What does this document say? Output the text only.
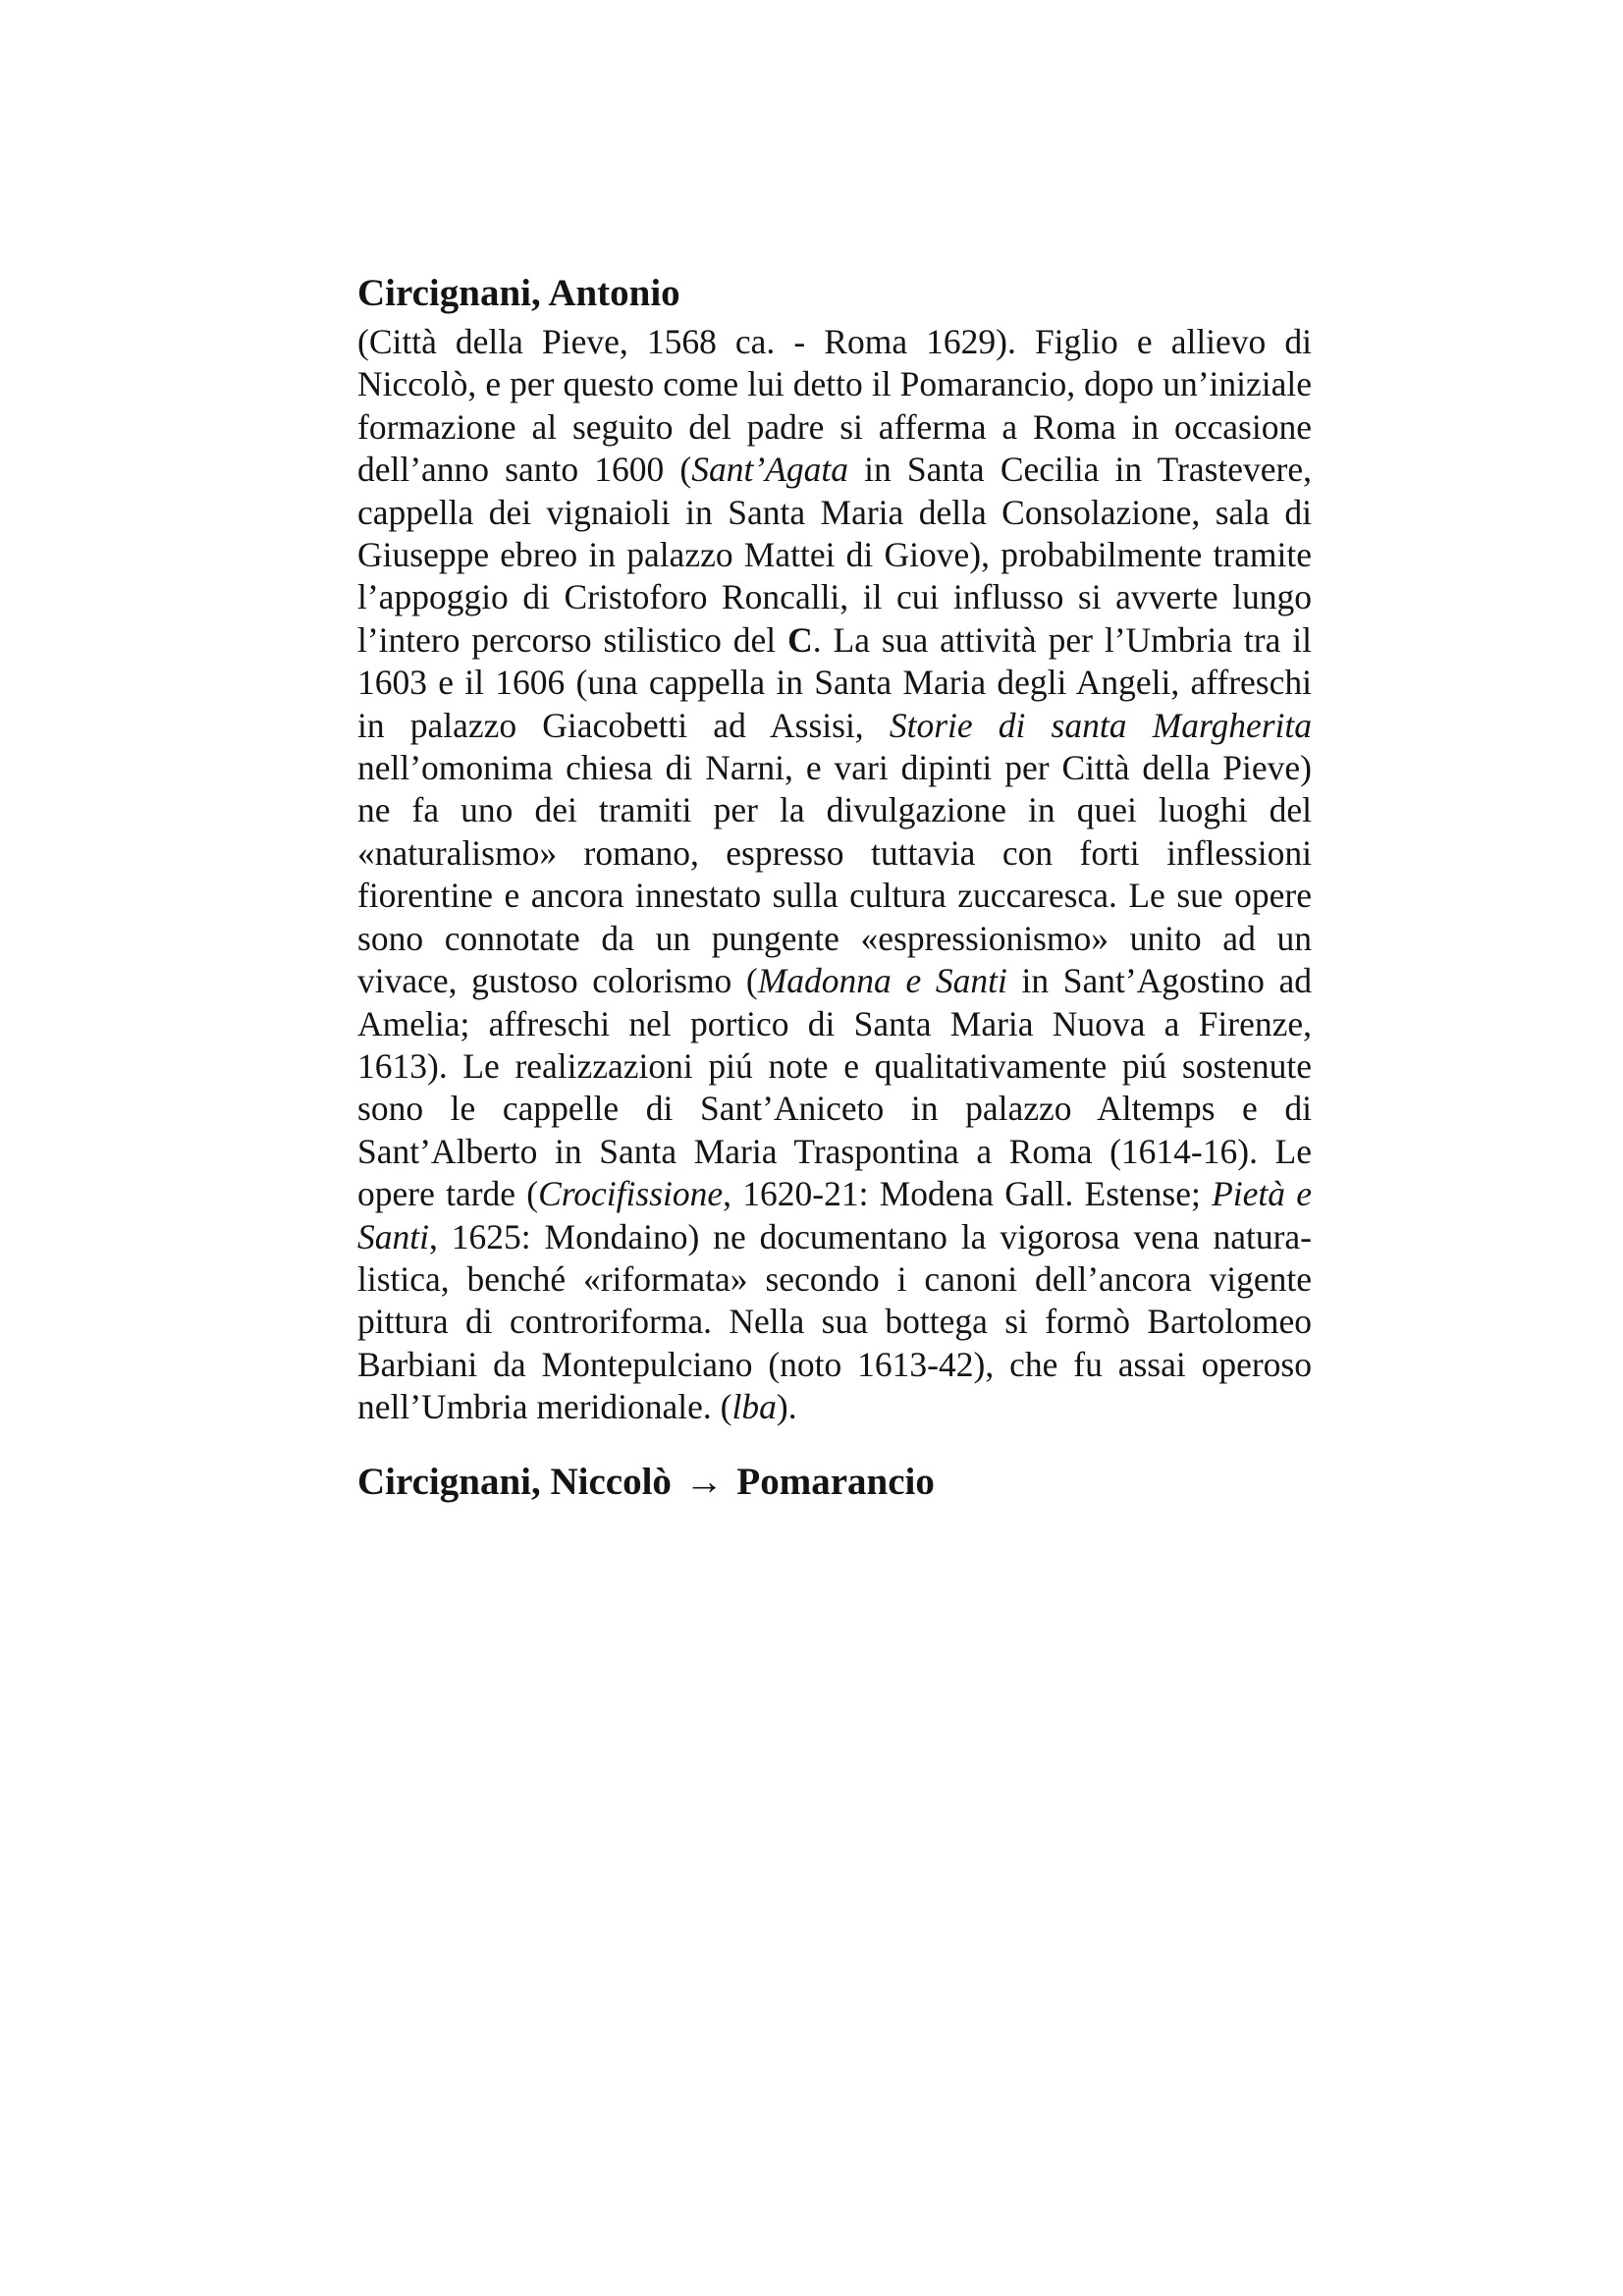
Circignani, Antonio

(Città della Pieve, 1568 ca. - Roma 1629). Figlio e allievo di Niccolò, e per questo come lui detto il Pomarancio, dopo un’iniziale formazione al seguito del padre si afferma a Roma in occasione dell’anno santo 1600 (Sant’Agata in Santa Cecilia in Trastevere, cappella dei vignaioli in Santa Maria della Consolazione, sala di Giuseppe ebreo in palazzo Mattei di Giove), probabilmente tramite l’appoggio di Cristoforo Roncalli, il cui influsso si avverte lungo l’intero percorso stilistico del C. La sua attività per l’Umbria tra il 1603 e il 1606 (una cappella in Santa Maria degli Angeli, affreschi in palazzo Giacobetti ad Assisi, Storie di santa Margherita nell’omonima chiesa di Narni, e vari dipinti per Città della Pieve) ne fa uno dei tramiti per la divulgazione in quei luoghi del «naturalismo» romano, espresso tuttavia con forti inflessioni fiorentine e ancora innestato sulla cultura zuccaresca. Le sue opere sono connotate da un pungente «espressionismo» unito ad un vivace, gustoso colorismo (Madonna e Santi in Sant’Agostino ad Amelia; affreschi nel portico di Santa Maria Nuova a Firenze, 1613). Le realizzazioni piú note e qualitativamente piú sostenute sono le cappelle di Sant’Aniceto in palazzo Altemps e di Sant’Alberto in Santa Maria Traspontina a Roma (1614-16). Le opere tarde (Crocifissione, 1620-21: Modena Gall. Estense; Pietà e Santi, 1625: Mondaino) ne documentano la vigorosa vena naturalistica, benché «riformata» secondo i canoni dell’ancora vigente pittura di controriforma. Nella sua bottega si formò Bartolomeo Barbiani da Montepulciano (noto 1613-42), che fu assai operoso nell’Umbria meridionale. (lba).

Circignani, Niccolò → Pomarancio
